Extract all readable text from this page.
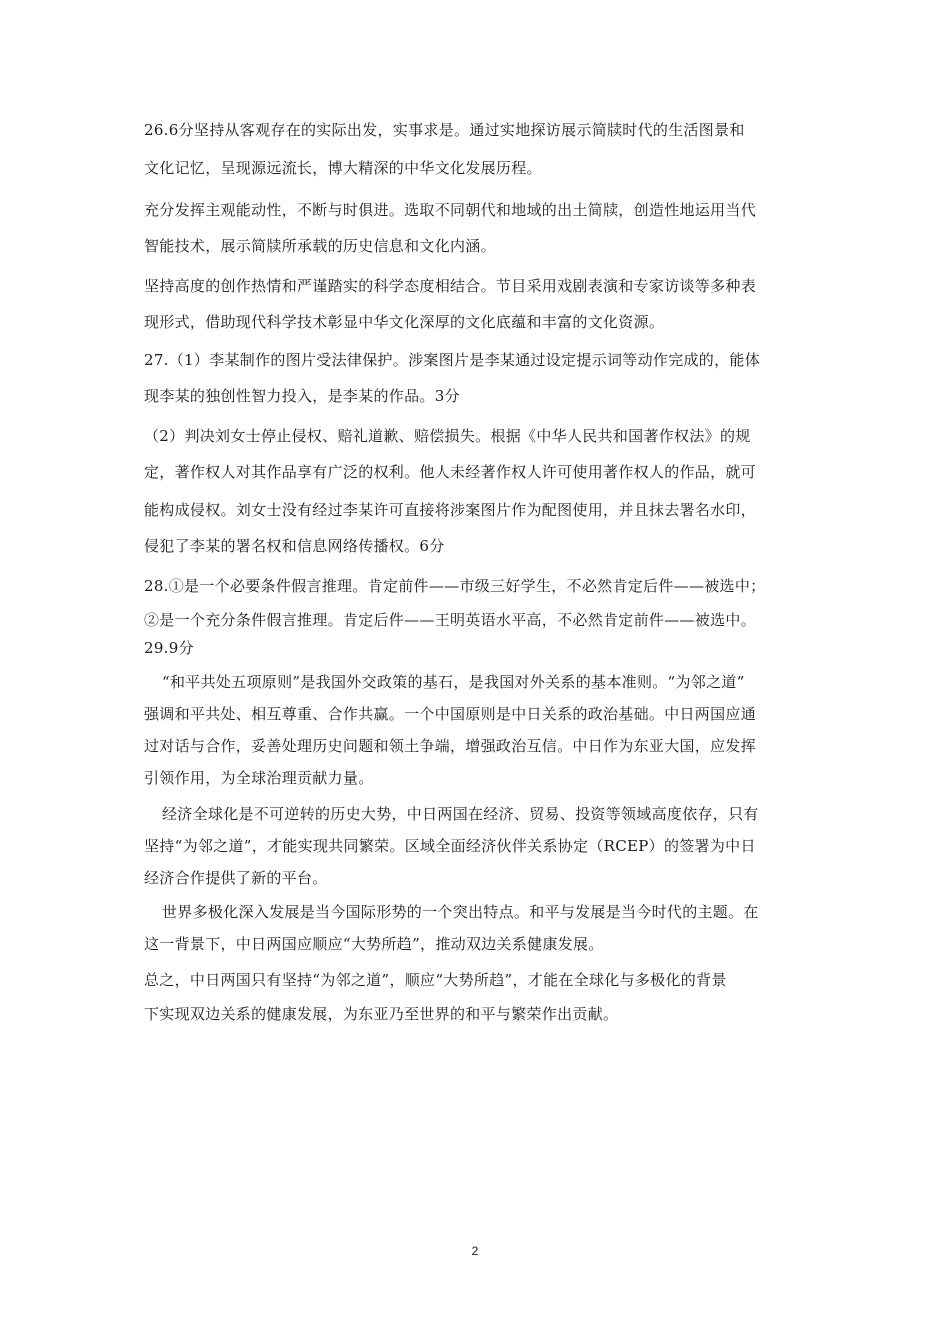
26.6分坚持从客观存在的实际出发，实事求是。通过实地探访展示简牍时代的生活图景和
文化记忆，呈现源远流长，博大精深的中华文化发展历程。
充分发挥主观能动性，不断与时俱进。选取不同朝代和地域的出土简牍，创造性地运用当代
智能技术，展示简牍所承载的历史信息和文化内涵。
坚持高度的创作热情和严谨踏实的科学态度相结合。节目采用戏剧表演和专家访谈等多种表
现形式，借助现代科学技术彰显中华文化深厚的文化底蕴和丰富的文化资源。
27.（1）李某制作的图片受法律保护。涉案图片是李某通过设定提示词等动作完成的，能体
现李某的独创性智力投入，是李某的作品。3分
（2）判决刘女士停止侵权、赔礼道歉、赔偿损失。根据《中华人民共和国著作权法》的规
定，著作权人对其作品享有广泛的权利。他人未经著作权人许可使用著作权人的作品，就可
能构成侵权。刘女士没有经过李某许可直接将涉案图片作为配图使用，并且抹去署名水印，
侵犯了李某的署名权和信息网络传播权。6分
28.①是一个必要条件假言推理。肯定前件——市级三好学生，不必然肯定后件——被选中；
②是一个充分条件假言推理。肯定后件——王明英语水平高，不必然肯定前件——被选中。
29.9分
“和平共处五项原则”是我国外交政策的基石，是我国对外关系的基本准则。“为邻之道”
强调和平共处、相互尊重、合作共赢。一个中国原则是中日关系的政治基础。中日两国应通
过对话与合作，妥善处理历史问题和领土争端，增强政治互信。中日作为东亚大国，应发挥
引领作用，为全球治理贡献力量。
经济全球化是不可逆转的历史大势，中日两国在经济、贸易、投资等领域高度依存，只有
坚持“为邻之道”，才能实现共同繁荣。区域全面经济伙伴关系协定（RCEP）的签署为中日
经济合作提供了新的平台。
世界多极化深入发展是当今国际形势的一个突出特点。和平与发展是当今时代的主题。在
这一背景下，中日两国应顺应“大势所趋”，推动双边关系健康发展。
总之，中日两国只有坚持“为邻之道”，顺应“大势所趋”，才能在全球化与多极化的背景
下实现双边关系的健康发展，为东亚乃至世界的和平与繁荣作出贡献。
2
